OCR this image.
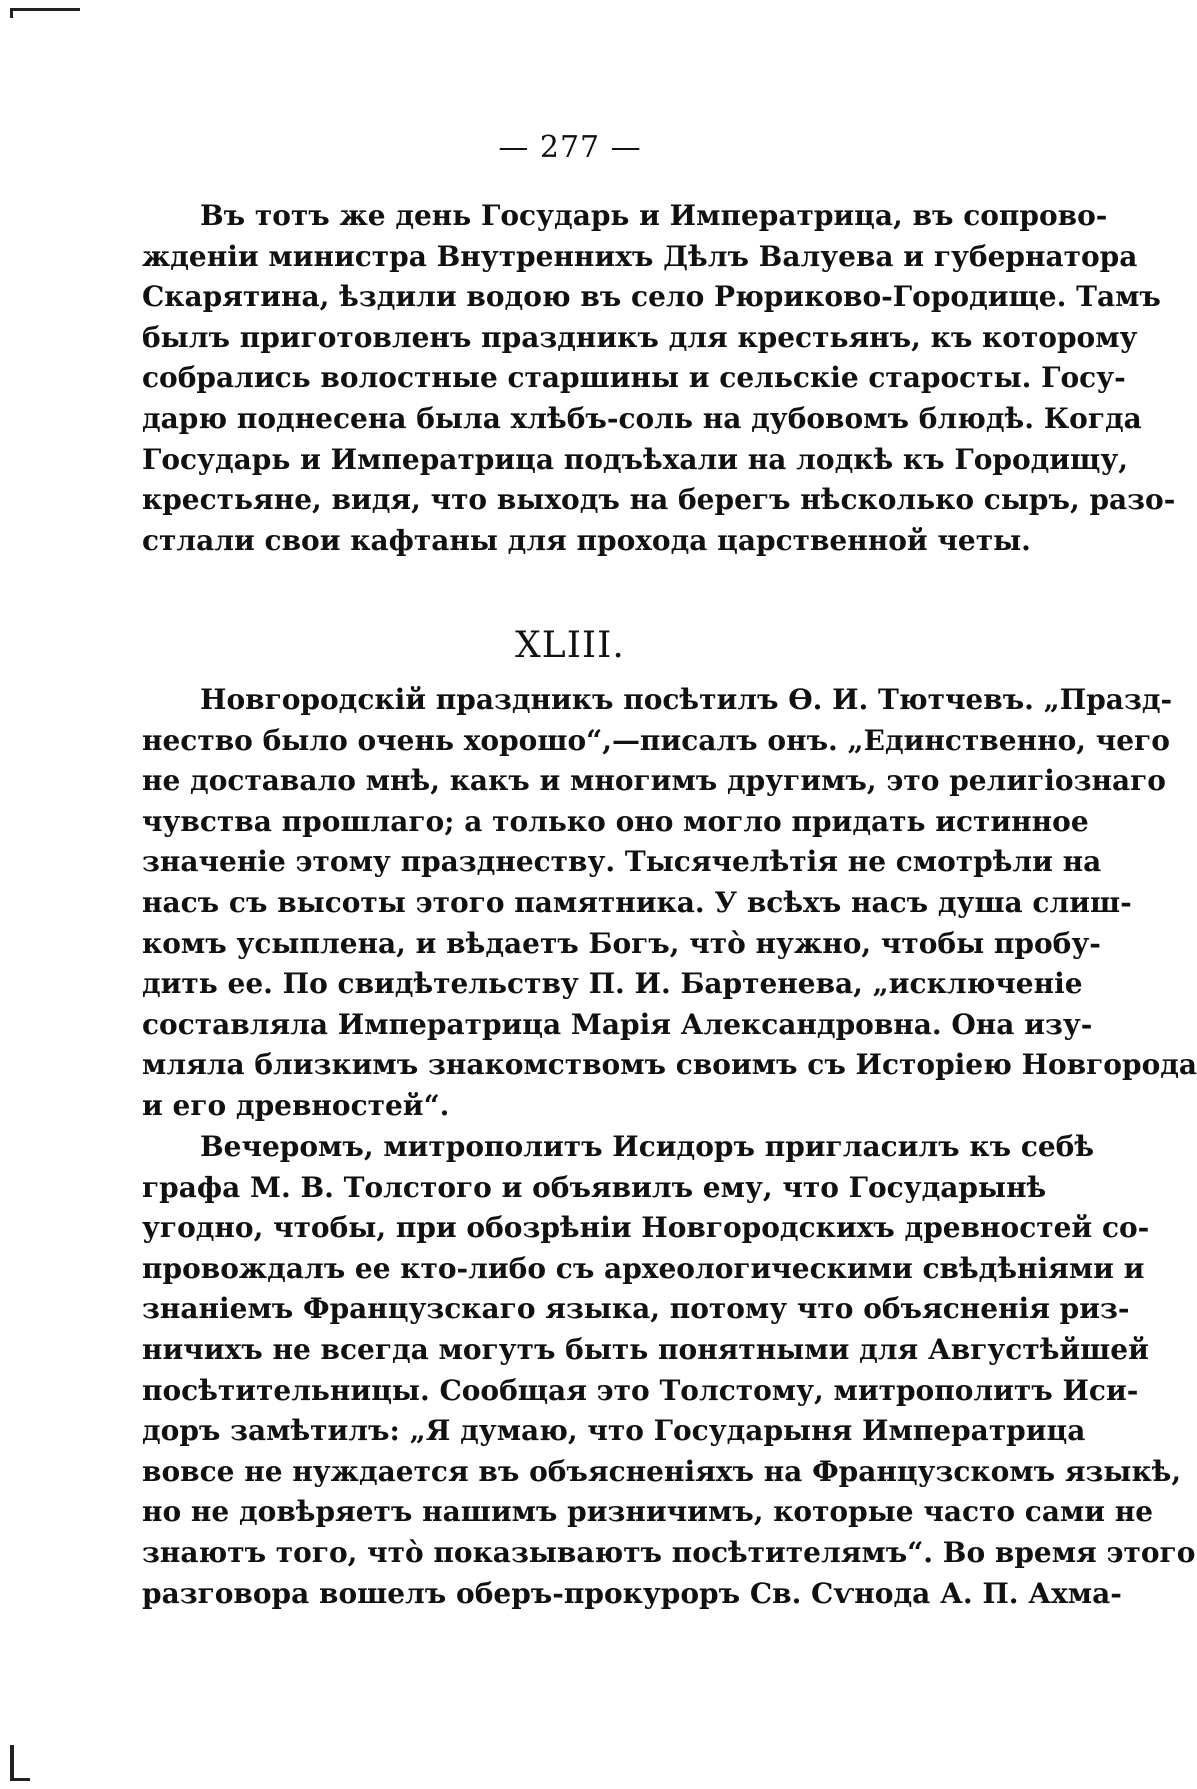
— 277 —
Въ тотъ же день Государь и Императрица, въ сопрово-
жденіи министра Внутреннихъ Дѣлъ Валуева и губернатора
Скарятина, ѣздили водою въ село Рюриково-Городище. Тамъ
былъ приготовленъ праздникъ для крестьянъ, къ которому
собрались волостные старшины и сельскіе старосты. Госу-
дарю поднесена была хлѣбъ-соль на дубовомъ блюдѣ. Когда
Государь и Императрица подъѣхали на лодкѣ къ Городищу,
крестьяне, видя, что выходъ на берегъ нѣсколько сыръ, разо-
стлали свои кафтаны для прохода царственной четы.
XLIII.
Новгородскій праздникъ посѣтилъ Ѳ. И. Тютчевъ. „Празд-
нество было очень хорошо“,—писалъ онъ. „Единственно, чего
не доставало мнѣ, какъ и многимъ другимъ, это религіознаго
чувства прошлаго; а только оно могло придать истинное
значеніе этому празднеству. Тысячелѣтія не смотрѣли на
насъ съ высоты этого памятника. У всѣхъ насъ душа слиш-
комъ усыплена, и вѣдаетъ Богъ, что̀ нужно, чтобы пробу-
дить ее. По свидѣтельству П. И. Бартенева, „исключеніе
составляла Императрица Марія Александровна. Она изу-
мляла близкимъ знакомствомъ своимъ съ Исторіею Новгорода
и его древностей“.
Вечеромъ, митрополитъ Исидоръ пригласилъ къ себѣ
графа М. В. Толстого и объявилъ ему, что Государынѣ
угодно, чтобы, при обозрѣніи Новгородскихъ древностей со-
провождалъ ее кто-либо съ археологическими свѣдѣніями и
знаніемъ Французскаго языка, потому что объясненія риз-
ничихъ не всегда могутъ быть понятными для Августѣйшей
посѣтительницы. Сообщая это Толстому, митрополитъ Иси-
доръ замѣтилъ: „Я думаю, что Государыня Императрица
вовсе не нуждается въ объясненіяхъ на Французскомъ языкѣ,
но не довѣряетъ нашимъ ризничимъ, которые часто сами не
знаютъ того, что̀ показываютъ посѣтителямъ“. Во время этого
разговора вошелъ оберъ-прокуроръ Св. Сѵнода А. П. Ахма-
